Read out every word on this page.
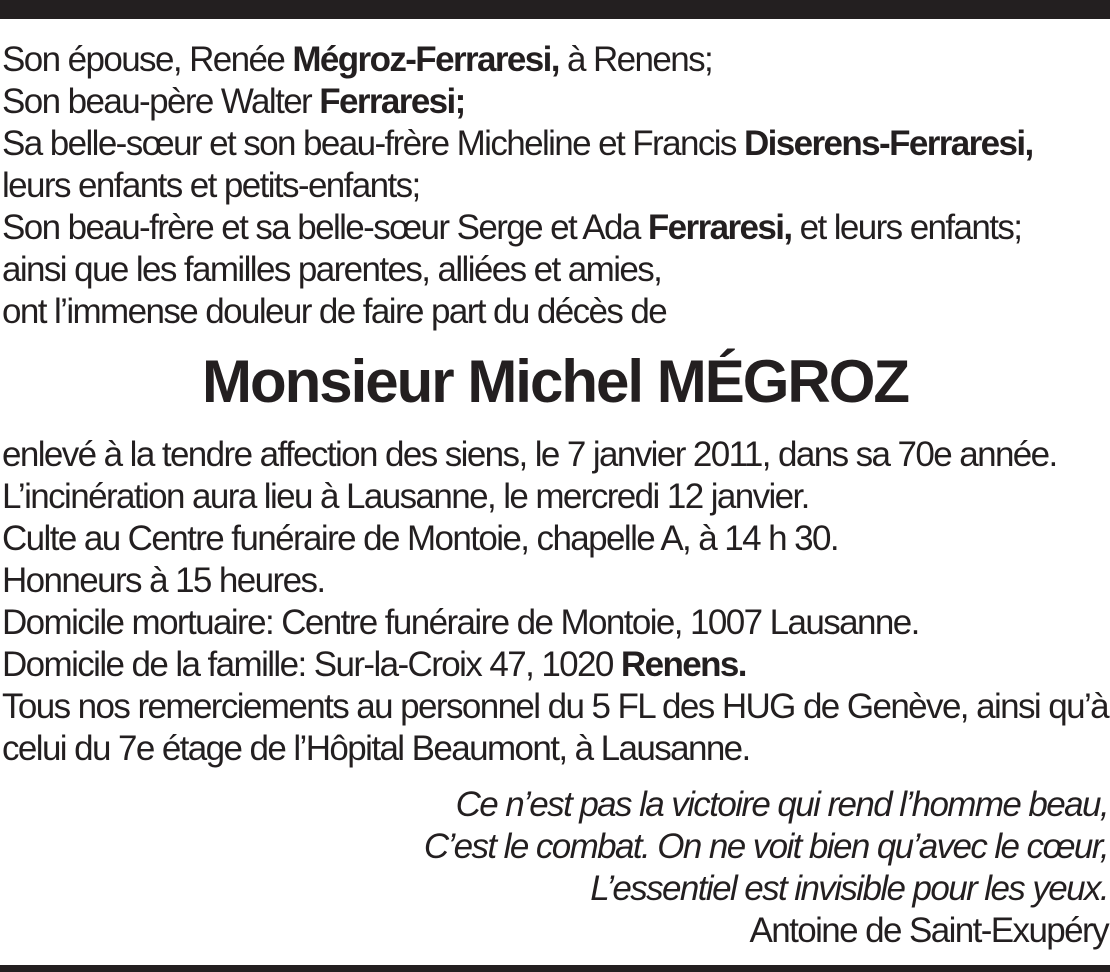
Son épouse, Renée Mégroz-Ferraresi, à Renens;
Son beau-père Walter Ferraresi;
Sa belle-sœur et son beau-frère Micheline et Francis Diserens-Ferraresi,
leurs enfants et petits-enfants;
Son beau-frère et sa belle-sœur Serge et Ada Ferraresi, et leurs enfants;
ainsi que les familles parentes, alliées et amies,
ont l’immense douleur de faire part du décès de
Monsieur Michel MÉGROZ
enlevé à la tendre affection des siens, le 7 janvier 2011, dans sa 70e année.
L’incinération aura lieu à Lausanne, le mercredi 12 janvier.
Culte au Centre funéraire de Montoie, chapelle A, à 14 h 30.
Honneurs à 15 heures.
Domicile mortuaire: Centre funéraire de Montoie, 1007 Lausanne.
Domicile de la famille: Sur-la-Croix 47, 1020 Renens.
Tous nos remerciements au personnel du 5 FL des HUG de Genève, ainsi qu’à celui du 7e étage de l’Hôpital Beaumont, à Lausanne.
Ce n’est pas la victoire qui rend l’homme beau,
C’est le combat. On ne voit bien qu’avec le cœur,
L’essentiel est invisible pour les yeux.
Antoine de Saint-Exupéry
